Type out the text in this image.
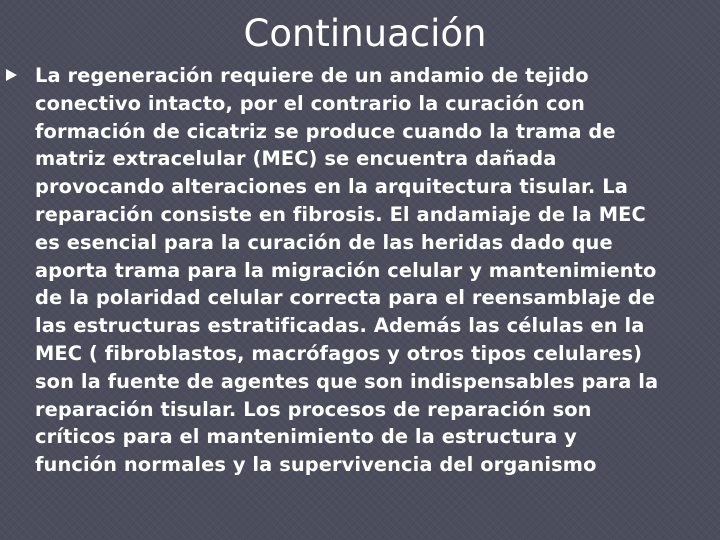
Continuación
La regeneración requiere de un andamio de tejido
conectivo intacto, por el contrario la curación con
formación de cicatriz se produce cuando la trama de
matriz extracelular (MEC) se encuentra dañada
provocando alteraciones en la arquitectura tisular. La
reparación consiste en fibrosis. El andamiaje de la MEC
es esencial para la curación de las heridas dado que
aporta trama para la migración celular y mantenimiento
de la polaridad celular correcta para el reensamblaje de
las estructuras estratificadas. Además las células en la
MEC ( fibroblastos, macrófagos y otros tipos celulares)
son la fuente de agentes que son indispensables para la
reparación tisular. Los procesos de reparación son
críticos para el mantenimiento de la estructura y
función normales y la supervivencia del organismo
